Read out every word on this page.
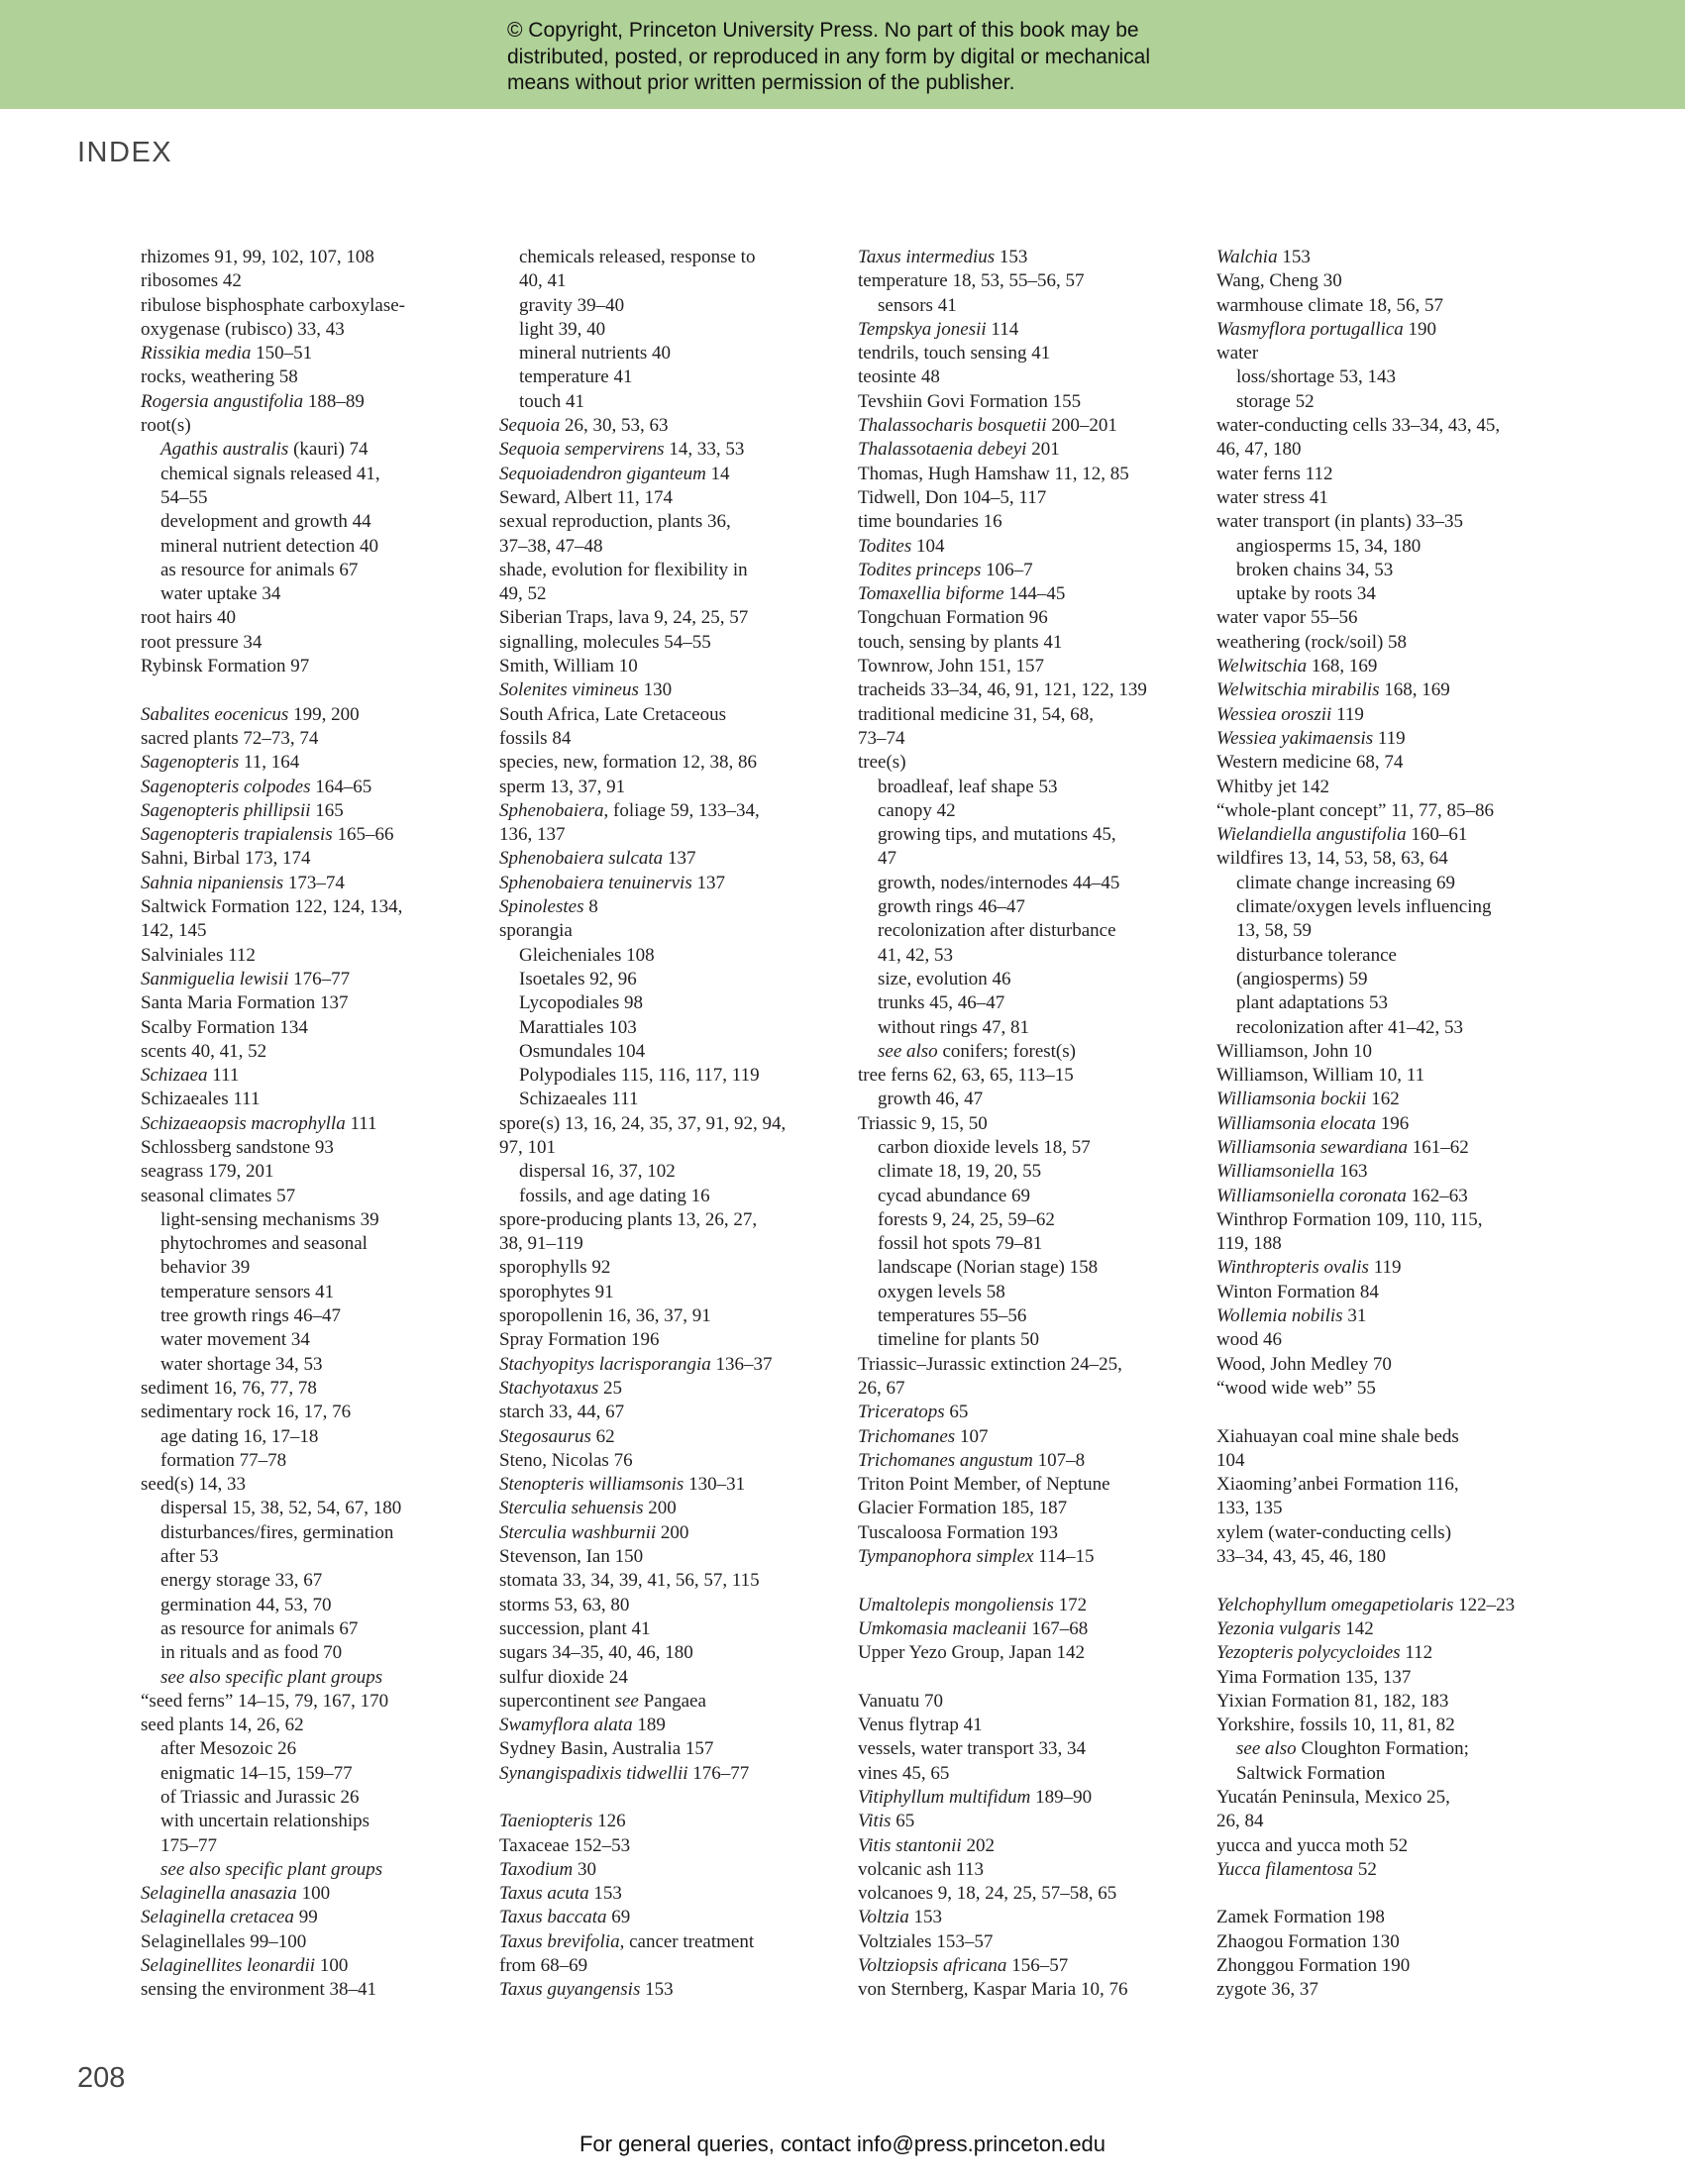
© Copyright, Princeton University Press. No part of this book may be
distributed, posted, or reproduced in any form by digital or mechanical
means without prior written permission of the publisher.
INDEX
rhizomes 91, 99, 102, 107, 108
ribosomes 42
ribulose bisphosphate carboxylase-
oxygenase (rubisco) 33, 43
Rissikia media 150–51
rocks, weathering 58
Rogersia angustifolia 188–89
root(s)
Agathis australis (kauri) 74
chemical signals released 41,
54–55
development and growth 44
mineral nutrient detection 40
as resource for animals 67
water uptake 34
root hairs 40
root pressure 34
Rybinsk Formation 97
Sabalites eocenicus 199, 200
sacred plants 72–73, 74
Sagenopteris 11, 164
Sagenopteris colpodes 164–65
Sagenopteris phillipsii 165
Sagenopteris trapialensis 165–66
Sahni, Birbal 173, 174
Sahnia nipaniensis 173–74
Saltwick Formation 122, 124, 134,
142, 145
Salviniales 112
Sanmiguelia lewisii 176–77
Santa Maria Formation 137
Scalby Formation 134
scents 40, 41, 52
Schizaea 111
Schizaeales 111
Schizaeaopsis macrophylla 111
Schlossberg sandstone 93
seagrass 179, 201
seasonal climates 57
light-sensing mechanisms 39
phytochromes and seasonal
behavior 39
temperature sensors 41
tree growth rings 46–47
water movement 34
water shortage 34, 53
sediment 16, 76, 77, 78
sedimentary rock 16, 17, 76
age dating 16, 17–18
formation 77–78
seed(s) 14, 33
dispersal 15, 38, 52, 54, 67, 180
disturbances/fires, germination
after 53
energy storage 33, 67
germination 44, 53, 70
as resource for animals 67
in rituals and as food 70
see also specific plant groups
“seed ferns” 14–15, 79, 167, 170
seed plants 14, 26, 62
after Mesozoic 26
enigmatic 14–15, 159–77
of Triassic and Jurassic 26
with uncertain relationships
175–77
see also specific plant groups
Selaginella anasazia 100
Selaginella cretacea 99
Selaginellales 99–100
Selaginellites leonardii 100
sensing the environment 38–41
chemicals released, response to
40, 41
gravity 39–40
light 39, 40
mineral nutrients 40
temperature 41
touch 41
Sequoia 26, 30, 53, 63
Sequoia sempervirens 14, 33, 53
Sequoiadendron giganteum 14
Seward, Albert 11, 174
sexual reproduction, plants 36,
37–38, 47–48
shade, evolution for flexibility in
49, 52
Siberian Traps, lava 9, 24, 25, 57
signalling, molecules 54–55
Smith, William 10
Solenites vimineus 130
South Africa, Late Cretaceous
fossils 84
species, new, formation 12, 38, 86
sperm 13, 37, 91
Sphenobaiera, foliage 59, 133–34,
136, 137
Sphenobaiera sulcata 137
Sphenobaiera tenuinervis 137
Spinolestes 8
sporangia
Gleicheniales 108
Isoetales 92, 96
Lycopodiales 98
Marattiales 103
Osmundales 104
Polypodiales 115, 116, 117, 119
Schizaeales 111
spore(s) 13, 16, 24, 35, 37, 91, 92, 94,
97, 101
dispersal 16, 37, 102
fossils, and age dating 16
spore-producing plants 13, 26, 27,
38, 91–119
sporophylls 92
sporophytes 91
sporopollenin 16, 36, 37, 91
Spray Formation 196
Stachyopitys lacrisporangia 136–37
Stachyotaxus 25
starch 33, 44, 67
Stegosaurus 62
Steno, Nicolas 76
Stenopteris williamsonis 130–31
Sterculia sehuensis 200
Sterculia washburnii 200
Stevenson, Ian 150
stomata 33, 34, 39, 41, 56, 57, 115
storms 53, 63, 80
succession, plant 41
sugars 34–35, 40, 46, 180
sulfur dioxide 24
supercontinent see Pangaea
Swamyflora alata 189
Sydney Basin, Australia 157
Synangispadixis tidwellii 176–77
Taeniopteris 126
Taxaceae 152–53
Taxodium 30
Taxus acuta 153
Taxus baccata 69
Taxus brevifolia, cancer treatment
from 68–69
Taxus guyangensis 153
Taxus intermedius 153
temperature 18, 53, 55–56, 57
sensors 41
Tempskya jonesii 114
tendrils, touch sensing 41
teosinte 48
Tevshiin Govi Formation 155
Thalassocharis bosquetii 200–201
Thalassotaenia debeyi 201
Thomas, Hugh Hamshaw 11, 12, 85
Tidwell, Don 104–5, 117
time boundaries 16
Todites 104
Todites princeps 106–7
Tomaxellia biforme 144–45
Tongchuan Formation 96
touch, sensing by plants 41
Townrow, John 151, 157
tracheids 33–34, 46, 91, 121, 122, 139
traditional medicine 31, 54, 68,
73–74
tree(s)
broadleaf, leaf shape 53
canopy 42
growing tips, and mutations 45,
47
growth, nodes/internodes 44–45
growth rings 46–47
recolonization after disturbance
41, 42, 53
size, evolution 46
trunks 45, 46–47
without rings 47, 81
see also conifers; forest(s)
tree ferns 62, 63, 65, 113–15
growth 46, 47
Triassic 9, 15, 50
carbon dioxide levels 18, 57
climate 18, 19, 20, 55
cycad abundance 69
forests 9, 24, 25, 59–62
fossil hot spots 79–81
landscape (Norian stage) 158
oxygen levels 58
temperatures 55–56
timeline for plants 50
Triassic–Jurassic extinction 24–25,
26, 67
Triceratops 65
Trichomanes 107
Trichomanes angustum 107–8
Triton Point Member, of Neptune
Glacier Formation 185, 187
Tuscaloosa Formation 193
Tympanophora simplex 114–15
Umaltolepis mongoliensis 172
Umkomasia macleanii 167–68
Upper Yezo Group, Japan 142
Vanuatu 70
Venus flytrap 41
vessels, water transport 33, 34
vines 45, 65
Vitiphyllum multifidum 189–90
Vitis 65
Vitis stantonii 202
volcanic ash 113
volcanoes 9, 18, 24, 25, 57–58, 65
Voltzia 153
Voltziales 153–57
Voltziopsis africana 156–57
von Sternberg, Kaspar Maria 10, 76
Walchia 153
Wang, Cheng 30
warmhouse climate 18, 56, 57
Wasmyflora portugallica 190
water
loss/shortage 53, 143
storage 52
water-conducting cells 33–34, 43, 45,
46, 47, 180
water ferns 112
water stress 41
water transport (in plants) 33–35
angiosperms 15, 34, 180
broken chains 34, 53
uptake by roots 34
water vapor 55–56
weathering (rock/soil) 58
Welwitschia 168, 169
Welwitschia mirabilis 168, 169
Wessiea oroszii 119
Wessiea yakimaensis 119
Western medicine 68, 74
Whitby jet 142
“whole-plant concept” 11, 77, 85–86
Wielandiella angustifolia 160–61
wildfires 13, 14, 53, 58, 63, 64
climate change increasing 69
climate/oxygen levels influencing
13, 58, 59
disturbance tolerance
(angiosperms) 59
plant adaptations 53
recolonization after 41–42, 53
Williamson, John 10
Williamson, William 10, 11
Williamsonia bockii 162
Williamsonia elocata 196
Williamsonia sewardiana 161–62
Williamsoniella 163
Williamsoniella coronata 162–63
Winthrop Formation 109, 110, 115,
119, 188
Winthropteris ovalis 119
Winton Formation 84
Wollemia nobilis 31
wood 46
Wood, John Medley 70
“wood wide web” 55
Xiahuayan coal mine shale beds
104
Xiaoming’anbei Formation 116,
133, 135
xylem (water-conducting cells)
33–34, 43, 45, 46, 180
Yelchophyllum omegapetiolaris 122–23
Yezonia vulgaris 142
Yezopteris polycycloides 112
Yima Formation 135, 137
Yixian Formation 81, 182, 183
Yorkshire, fossils 10, 11, 81, 82
see also Cloughton Formation;
Saltwick Formation
Yucatán Peninsula, Mexico 25,
26, 84
yucca and yucca moth 52
Yucca filamentosa 52
Zamek Formation 198
Zhaogou Formation 130
Zhonggou Formation 190
zygote 36, 37
208
For general queries, contact info@press.princeton.edu
